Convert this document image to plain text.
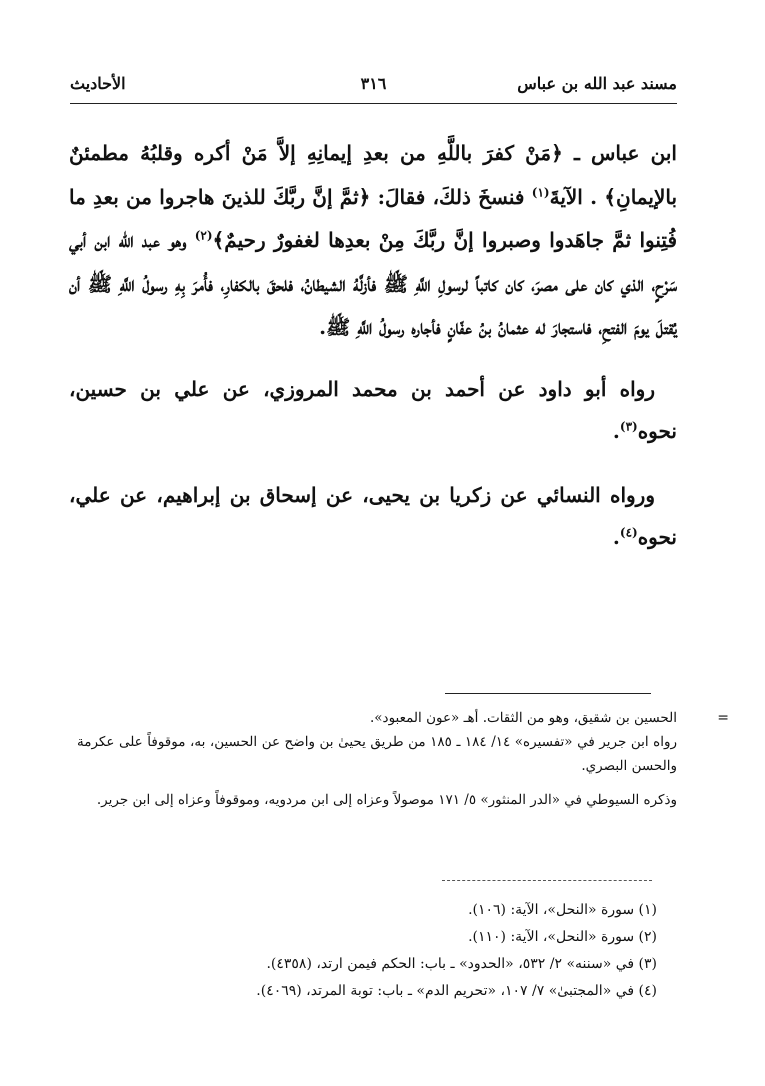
مسند عبد الله بن عباس
٣١٦
الأحاديث

ابن عباس ـ ﴿مَنْ كفرَ باللَّهِ من بعدِ إيمانِهِ إلاَّ مَنْ أكره وقلبُهُ مطمئنٌ بالإيمانِ﴾ . الآيةَ$^{(١)}$ فنسخَ ذلكَ، فقالَ: ﴿ثمَّ إنَّ ربَّكَ للذينَ هاجروا من بعدِ ما فُتِنوا ثمَّ جاهَدوا وصبروا إنَّ ربَّكَ مِنْ بعدِها لغفورٌ رحيمٌ﴾$^{(٢)}$ وهو عبد الله ابن أبي سَرْحٍ، الذي كان على مصرَ، كان كاتباً لرسولِ اللَّهِ ﷺ فأزلَّهُ الشيطانُ، فلحقَ بالكفارِ، فأُمرَ بِهِ رسولُ اللَّهِ ﷺ أن يُقتلَ يومَ الفتحِ، فاستجارَ له عثمانُ بنُ عفّانٍ فأجاره رسولُ اللَّهِ ﷺ.

رواه أبو داود عن أحمد بن محمد المروزي، عن علي بن حسين، نحوه$^{(٣)}$.

ورواه النسائي عن زكريا بن يحيى، عن إسحاق بن إبراهيم، عن علي، نحوه$^{(٤)}$.

=

الحسين بن شقيق، وهو من الثقات. أهـ «عون المعبود».

رواه ابن جرير في «تفسيره» ١٤/ ١٨٤ ـ ١٨٥ من طريق يحيىٰ بن واضح عن الحسين، به، موقوفاً على عكرمة والحسن البصري.

وذكره السيوطي في «الدر المنثور» ٥/ ١٧١ موصولاً وعزاه إلى ابن مردويه، وموقوفاً وعزاه إلى ابن جرير.

(١) سورة «النحل»، الآية: (١٠٦).

(٢) سورة «النحل»، الآية: (١١٠).

(٣) في «سننه» ٢/ ٥٣٢، «الحدود» ـ باب: الحكم فيمن ارتد، (٤٣٥٨).

(٤) في «المجتبىٰ» ٧/ ١٠٧، «تحريم الدم» ـ باب: توبة المرتد، (٤٠٦٩).
